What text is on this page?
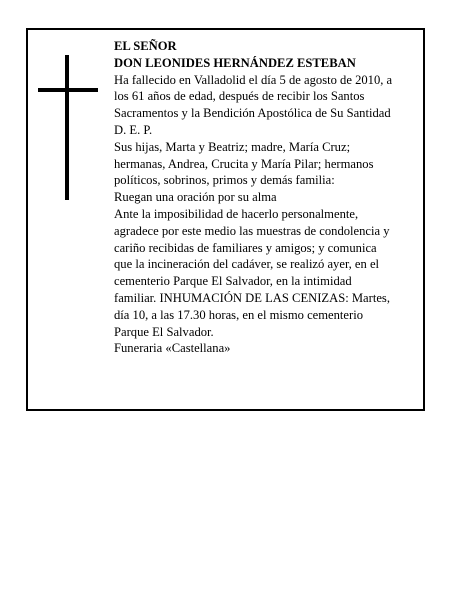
EL SEÑOR

DON LEONIDES HERNÁNDEZ ESTEBAN

Ha fallecido en Valladolid el día 5 de agosto de 2010, a
los 61 años de edad, después de recibir los Santos
Sacramentos y la Bendición Apostólica de Su Santidad
D. E. P.

Sus hijas, Marta y Beatriz; madre, María Cruz;
hermanas, Andrea, Crucita y María Pilar; hermanos
políticos, sobrinos, primos y demás familia:

Ruegan una oración por su alma

Ante la imposibilidad de hacerlo personalmente,
agradece por este medio las muestras de condolencia y
cariño recibidas de familiares y amigos; y comunica
que la incineración del cadáver, se realizó ayer, en el
cementerio Parque El Salvador, en la intimidad
familiar. INHUMACIÓN DE LAS CENIZAS: Martes,
día 10, a las 17.30 horas, en el mismo cementerio
Parque El Salvador.

Funeraria «Castellana»
